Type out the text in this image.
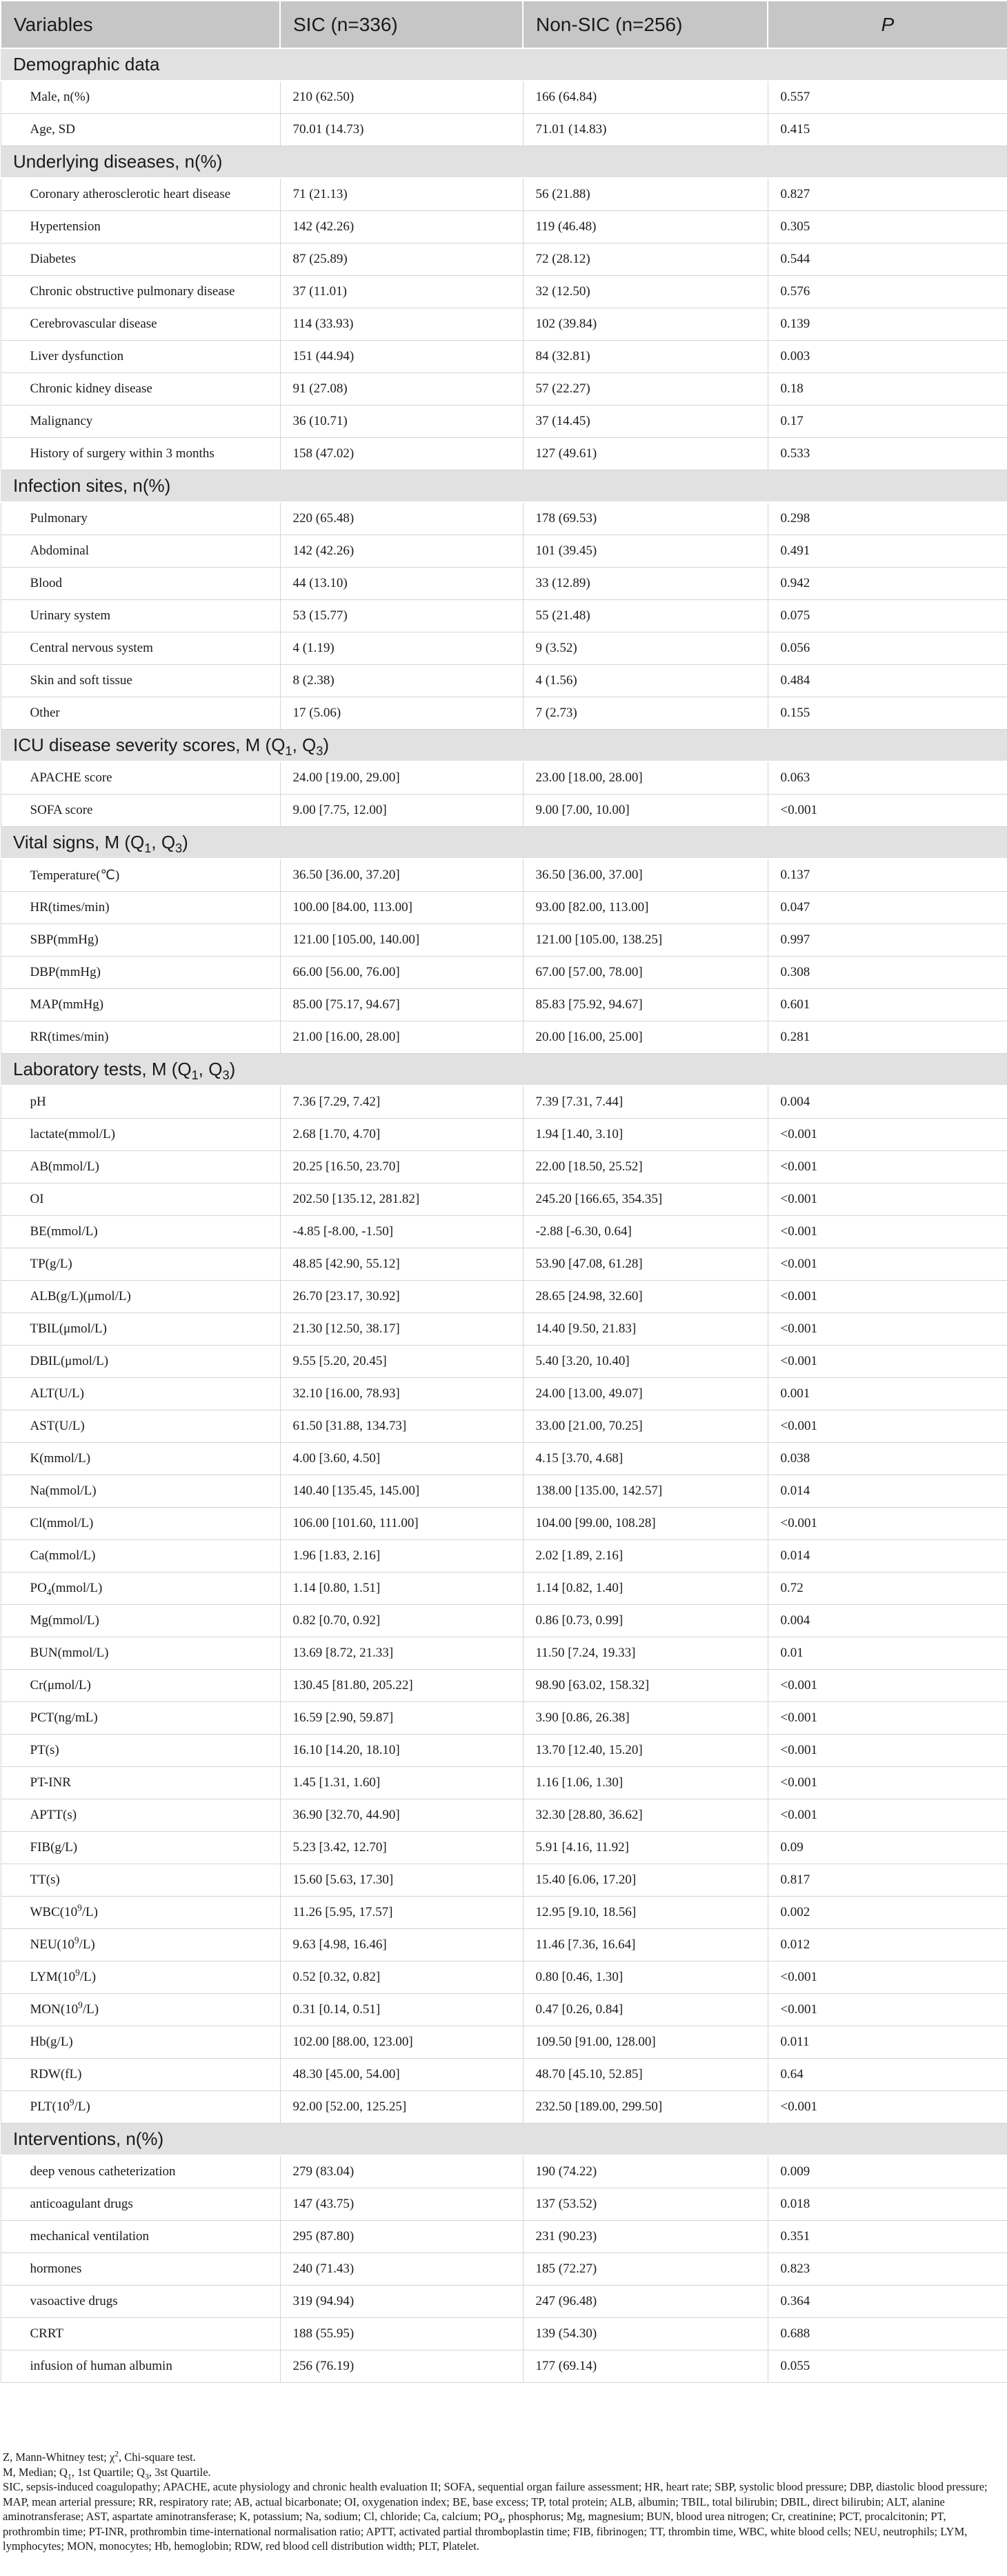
Variables	SIC (n=336)	Non-SIC (n=256)	P
Demographic data			
Male, n(%)	210 (62.50)	166 (64.84)	0.557
Age, SD	70.01 (14.73)	71.01 (14.83)	0.415
Underlying diseases, n(%)			
Coronary atherosclerotic heart disease	71 (21.13)	56 (21.88)	0.827
Hypertension	142 (42.26)	119 (46.48)	0.305
Diabetes	87 (25.89)	72 (28.12)	0.544
Chronic obstructive pulmonary disease	37 (11.01)	32 (12.50)	0.576
Cerebrovascular disease	114 (33.93)	102 (39.84)	0.139
Liver dysfunction	151 (44.94)	84 (32.81)	0.003
Chronic kidney disease	91 (27.08)	57 (22.27)	0.18
Malignancy	36 (10.71)	37 (14.45)	0.17
History of surgery within 3 months	158 (47.02)	127 (49.61)	0.533
Infection sites, n(%)			
Pulmonary	220 (65.48)	178 (69.53)	0.298
Abdominal	142 (42.26)	101 (39.45)	0.491
Blood	44 (13.10)	33 (12.89)	0.942
Urinary system	53 (15.77)	55 (21.48)	0.075
Central nervous system	4 (1.19)	9 (3.52)	0.056
Skin and soft tissue	8 (2.38)	4 (1.56)	0.484
Other	17 (5.06)	7 (2.73)	0.155
ICU disease severity scores, M ($Q_1$, $Q_3$)			
APACHE score	24.00 [19.00, 29.00]	23.00 [18.00, 28.00]	0.063
SOFA score	9.00 [7.75, 12.00]	9.00 [7.00, 10.00]	<0.001
Vital signs, M ($Q_1$, $Q_3$)			
Temperature(℃)	36.50 [36.00, 37.20]	36.50 [36.00, 37.00]	0.137
HR(times/min)	100.00 [84.00, 113.00]	93.00 [82.00, 113.00]	0.047
SBP(mmHg)	121.00 [105.00, 140.00]	121.00 [105.00, 138.25]	0.997
DBP(mmHg)	66.00 [56.00, 76.00]	67.00 [57.00, 78.00]	0.308
MAP(mmHg)	85.00 [75.17, 94.67]	85.83 [75.92, 94.67]	0.601
RR(times/min)	21.00 [16.00, 28.00]	20.00 [16.00, 25.00]	0.281
Laboratory tests, M ($Q_1$, $Q_3$)			
pH	7.36 [7.29, 7.42]	7.39 [7.31, 7.44]	0.004
lactate(mmol/L)	2.68 [1.70, 4.70]	1.94 [1.40, 3.10]	<0.001
AB(mmol/L)	20.25 [16.50, 23.70]	22.00 [18.50, 25.52]	<0.001
OI	202.50 [135.12, 281.82]	245.20 [166.65, 354.35]	<0.001
BE(mmol/L)	-4.85 [-8.00, -1.50]	-2.88 [-6.30, 0.64]	<0.001
TP(g/L)	48.85 [42.90, 55.12]	53.90 [47.08, 61.28]	<0.001
ALB(g/L)(μmol/L)	26.70 [23.17, 30.92]	28.65 [24.98, 32.60]	<0.001
TBIL(μmol/L)	21.30 [12.50, 38.17]	14.40 [9.50, 21.83]	<0.001
DBIL(μmol/L)	9.55 [5.20, 20.45]	5.40 [3.20, 10.40]	<0.001
ALT(U/L)	32.10 [16.00, 78.93]	24.00 [13.00, 49.07]	0.001
AST(U/L)	61.50 [31.88, 134.73]	33.00 [21.00, 70.25]	<0.001
K(mmol/L)	4.00 [3.60, 4.50]	4.15 [3.70, 4.68]	0.038
Na(mmol/L)	140.40 [135.45, 145.00]	138.00 [135.00, 142.57]	0.014
Cl(mmol/L)	106.00 [101.60, 111.00]	104.00 [99.00, 108.28]	<0.001
Ca(mmol/L)	1.96 [1.83, 2.16]	2.02 [1.89, 2.16]	0.014
$PO_4(mmol/L)$	1.14 [0.80, 1.51]	1.14 [0.82, 1.40]	0.72
Mg(mmol/L)	0.82 [0.70, 0.92]	0.86 [0.73, 0.99]	0.004
BUN(mmol/L)	13.69 [8.72, 21.33]	11.50 [7.24, 19.33]	0.01
Cr(μmol/L)	130.45 [81.80, 205.22]	98.90 [63.02, 158.32]	<0.001
PCT(ng/mL)	16.59 [2.90, 59.87]	3.90 [0.86, 26.38]	<0.001
PT(s)	16.10 [14.20, 18.10]	13.70 [12.40, 15.20]	<0.001
PT-INR	1.45 [1.31, 1.60]	1.16 [1.06, 1.30]	<0.001
APTT(s)	36.90 [32.70, 44.90]	32.30 [28.80, 36.62]	<0.001
FIB(g/L)	5.23 [3.42, 12.70]	5.91 [4.16, 11.92]	0.09
TT(s)	15.60 [5.63, 17.30]	15.40 [6.06, 17.20]	0.817
$WBC(10^9/L)$	11.26 [5.95, 17.57]	12.95 [9.10, 18.56]	0.002
$NEU(10^9/L)$	9.63 [4.98, 16.46]	11.46 [7.36, 16.64]	0.012
$LYM(10^9/L)$	0.52 [0.32, 0.82]	0.80 [0.46, 1.30]	<0.001
$MON(10^9/L)$	0.31 [0.14, 0.51]	0.47 [0.26, 0.84]	<0.001
Hb(g/L)	102.00 [88.00, 123.00]	109.50 [91.00, 128.00]	0.011
RDW(fL)	48.30 [45.00, 54.00]	48.70 [45.10, 52.85]	0.64
$PLT(10^9/L)$	92.00 [52.00, 125.25]	232.50 [189.00, 299.50]	<0.001
Interventions, n(%)			
deep venous catheterization	279 (83.04)	190 (74.22)	0.009
anticoagulant drugs	147 (43.75)	137 (53.52)	0.018
mechanical ventilation	295 (87.80)	231 (90.23)	0.351
hormones	240 (71.43)	185 (72.27)	0.823
vasoactive drugs	319 (94.94)	247 (96.48)	0.364
CRRT	188 (55.95)	139 (54.30)	0.688
infusion of human albumin	256 (76.19)	177 (69.14)	0.055

Z, Mann-Whitney test; $\chi^2$, Chi-square test.

M, Median; $Q_1$, 1st Quartile; $Q_3$, 3st Quartile.

SIC, sepsis-induced coagulopathy; APACHE, acute physiology and chronic health evaluation II; SOFA, sequential organ failure assessment; HR, heart rate; SBP, systolic blood pressure; DBP, diastolic blood pressure; MAP, mean arterial pressure; RR, respiratory rate; AB, actual bicarbonate; OI, oxygenation index; BE, base excess; TP, total protein; ALB, albumin; TBIL, total bilirubin; DBIL, direct bilirubin; ALT, alanine aminotransferase; AST, aspartate aminotransferase; K, potassium; Na, sodium; Cl, chloride; Ca, calcium; $PO_4$, phosphorus; Mg, magnesium; BUN, blood urea nitrogen; Cr, creatinine; PCT, procalcitonin; PT, prothrombin time; PT-INR, prothrombin time-international normalisation ratio; APTT, activated partial thromboplastin time; FIB, fibrinogen; TT, thrombin time, WBC, white blood cells; NEU, neutrophils; LYM, lymphocytes; MON, monocytes; Hb, hemoglobin; RDW, red blood cell distribution width; PLT, Platelet.
